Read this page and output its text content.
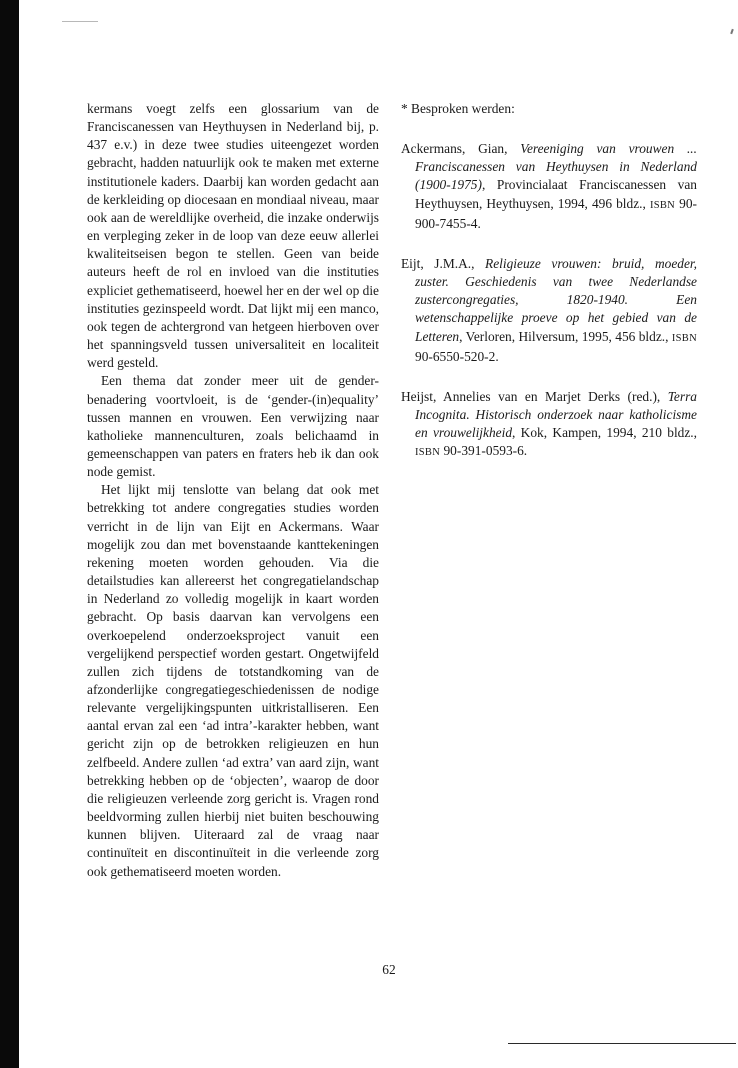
kermans voegt zelfs een glossarium van de Franciscanessen van Heythuysen in Nederland bij, p. 437 e.v.) in deze twee studies uiteengezet worden gebracht, hadden natuurlijk ook te maken met externe institutionele kaders. Daarbij kan worden gedacht aan de kerkleiding op diocesaan en mondiaal niveau, maar ook aan de wereldlijke overheid, die inzake onderwijs en verpleging zeker in de loop van deze eeuw allerlei kwaliteitseisen begon te stellen. Geen van beide auteurs heeft de rol en invloed van die instituties expliciet gethematiseerd, hoewel her en der wel op die instituties gezinspeeld wordt. Dat lijkt mij een manco, ook tegen de achtergrond van hetgeen hierboven over het spanningsveld tussen universaliteit en localiteit werd gesteld.

Een thema dat zonder meer uit de gender-benadering voortvloeit, is de ‘gender-(in)equality’ tussen mannen en vrouwen. Een verwijzing naar katholieke mannenculturen, zoals belichaamd in gemeenschappen van paters en fraters heb ik dan ook node gemist.

Het lijkt mij tenslotte van belang dat ook met betrekking tot andere congregaties studies worden verricht in de lijn van Eijt en Ackermans. Waar mogelijk zou dan met bovenstaande kanttekeningen rekening moeten worden gehouden. Via die detailstudies kan allereerst het congregatielandschap in Nederland zo volledig mogelijk in kaart worden gebracht. Op basis daarvan kan vervolgens een overkoepelend onderzoeksproject vanuit een vergelijkend perspectief worden gestart. Ongetwijfeld zullen zich tijdens de totstandkoming van de afzonderlijke congregatiegeschiedenissen de nodige relevante vergelijkingspunten uitkristalliseren. Een aantal ervan zal een ‘ad intra’-karakter hebben, want gericht zijn op de betrokken religieuzen en hun zelfbeeld. Andere zullen ‘ad extra’ van aard zijn, want betrekking hebben op de ‘objecten’, waarop de door die religieuzen verleende zorg gericht is. Vragen rond beeldvorming zullen hierbij niet buiten beschouwing kunnen blijven. Uiteraard zal de vraag naar continuïteit en discontinuïteit in die verleende zorg ook gethematiseerd moeten worden.

* Besproken werden:

Ackermans, Gian, Vereeniging van vrouwen ... Franciscanessen van Heythuysen in Nederland (1900-1975), Provincialaat Franciscanessen van Heythuysen, Heythuysen, 1994, 496 bldz., ISBN 90-900-7455-4.

Eijt, J.M.A., Religieuze vrouwen: bruid, moeder, zuster. Geschiedenis van twee Nederlandse zustercongregaties, 1820-1940. Een wetenschappelijke proeve op het gebied van de Letteren, Verloren, Hilversum, 1995, 456 bldz., ISBN 90-6550-520-2.

Heijst, Annelies van en Marjet Derks (red.), Terra Incognita. Historisch onderzoek naar katholicisme en vrouwelijkheid, Kok, Kampen, 1994, 210 bldz., ISBN 90-391-0593-6.

62
